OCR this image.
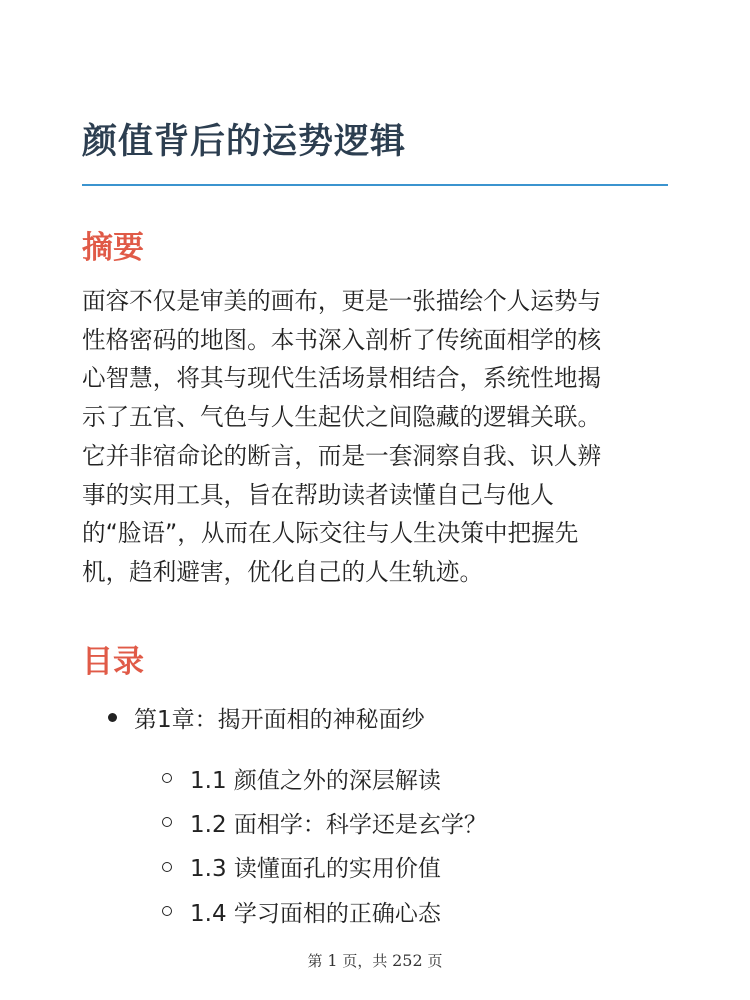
颜值背后的运势逻辑
摘要

面容不仅是审美的画布，更是一张描绘个人运势与
性格密码的地图。本书深入剖析了传统面相学的核
心智慧，将其与现代生活场景相结合，系统性地揭
示了五官、气色与人生起伏之间隐藏的逻辑关联。
它并非宿命论的断言，而是一套洞察自我、识人辨
事的实用工具，旨在帮助读者读懂自己与他人
的“脸语”，从而在人际交往与人生决策中把握先
机，趋利避害，优化自己的人生轨迹。

目录
第1章：揭开面相的神秘面纱
1.1 颜值之外的深层解读
1.2 面相学：科学还是玄学？
1.3 读懂面孔的实用价值
1.4 学习面相的正确心态
第 1 页，共 252 页
